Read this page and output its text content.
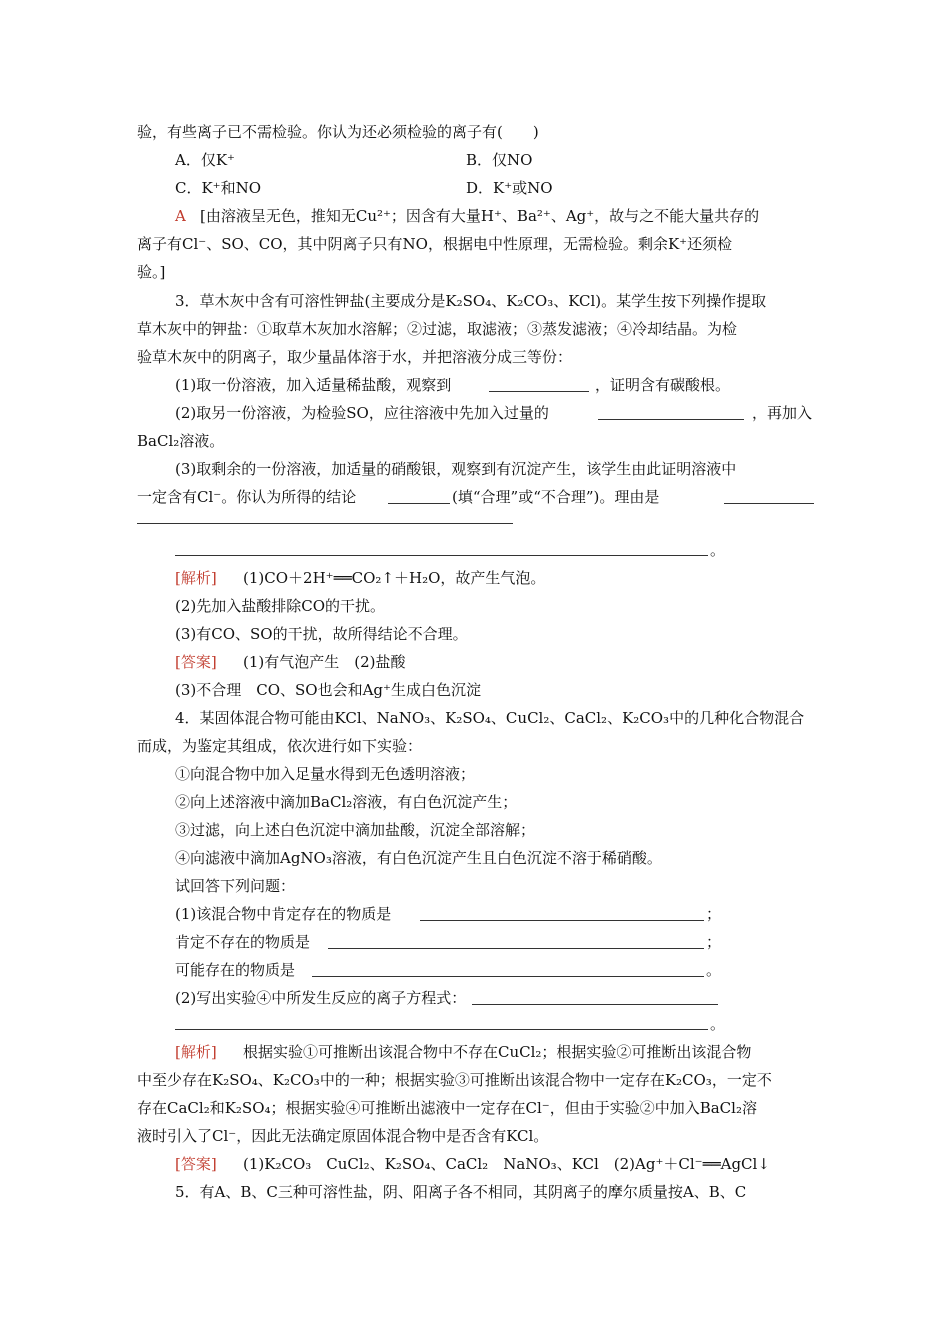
验，有些离子已不需检验。你认为还必须检验的离子有(　　)
A．仅K⁺	B．仅NO
C．K⁺和NO	D．K⁺或NO
A [由溶液呈无色，推知无Cu²⁺；因含有大量H⁺、Ba²⁺、Ag⁺，故与之不能大量共存的
离子有Cl⁻、SO、CO，其中阴离子只有NO，根据电中性原理，无需检验。剩余K⁺还须检
验。]
3．草木灰中含有可溶性钾盐(主要成分是K₂SO₄、K₂CO₃、KCl)。某学生按下列操作提取
草木灰中的钾盐：①取草木灰加水溶解；②过滤，取滤液；③蒸发滤液；④冷却结晶。为检
验草木灰中的阴离子，取少量晶体溶于水，并把溶液分成三等份：
(1)取一份溶液，加入适量稀盐酸，观察到	，证明含有碳酸根。
(2)取另一份溶液，为检验SO，应往溶液中先加入过量的	，再加入
BaCl₂溶液。
(3)取剩余的一份溶液，加适量的硝酸银，观察到有沉淀产生，该学生由此证明溶液中
一定含有Cl⁻。你认为所得的结论	(填“合理”或“不合理”)。理由是
。
[解析] (1)CO＋2H⁺══CO₂↑＋H₂O，故产生气泡。
(2)先加入盐酸排除CO的干扰。
(3)有CO、SO的干扰，故所得结论不合理。
[答案] (1)有气泡产生　(2)盐酸
(3)不合理　CO、SO也会和Ag⁺生成白色沉淀
4．某固体混合物可能由KCl、NaNO₃、K₂SO₄、CuCl₂、CaCl₂、K₂CO₃中的几种化合物混合
而成，为鉴定其组成，依次进行如下实验：
①向混合物中加入足量水得到无色透明溶液；
②向上述溶液中滴加BaCl₂溶液，有白色沉淀产生；
③过滤，向上述白色沉淀中滴加盐酸，沉淀全部溶解；
④向滤液中滴加AgNO₃溶液，有白色沉淀产生且白色沉淀不溶于稀硝酸。
试回答下列问题：
(1)该混合物中肯定存在的物质是	；
肯定不存在的物质是	；
可能存在的物质是	。
(2)写出实验④中所发生反应的离子方程式：
。
[解析] 根据实验①可推断出该混合物中不存在CuCl₂；根据实验②可推断出该混合物
中至少存在K₂SO₄、K₂CO₃中的一种；根据实验③可推断出该混合物中一定存在K₂CO₃，一定不
存在CaCl₂和K₂SO₄；根据实验④可推断出滤液中一定存在Cl⁻，但由于实验②中加入BaCl₂溶
液时引入了Cl⁻，因此无法确定原固体混合物中是否含有KCl。
[答案] (1)K₂CO₃　CuCl₂、K₂SO₄、CaCl₂　NaNO₃、KCl　(2)Ag⁺＋Cl⁻══AgCl↓
5．有A、B、C三种可溶性盐，阴、阳离子各不相同，其阴离子的摩尔质量按A、B、C
